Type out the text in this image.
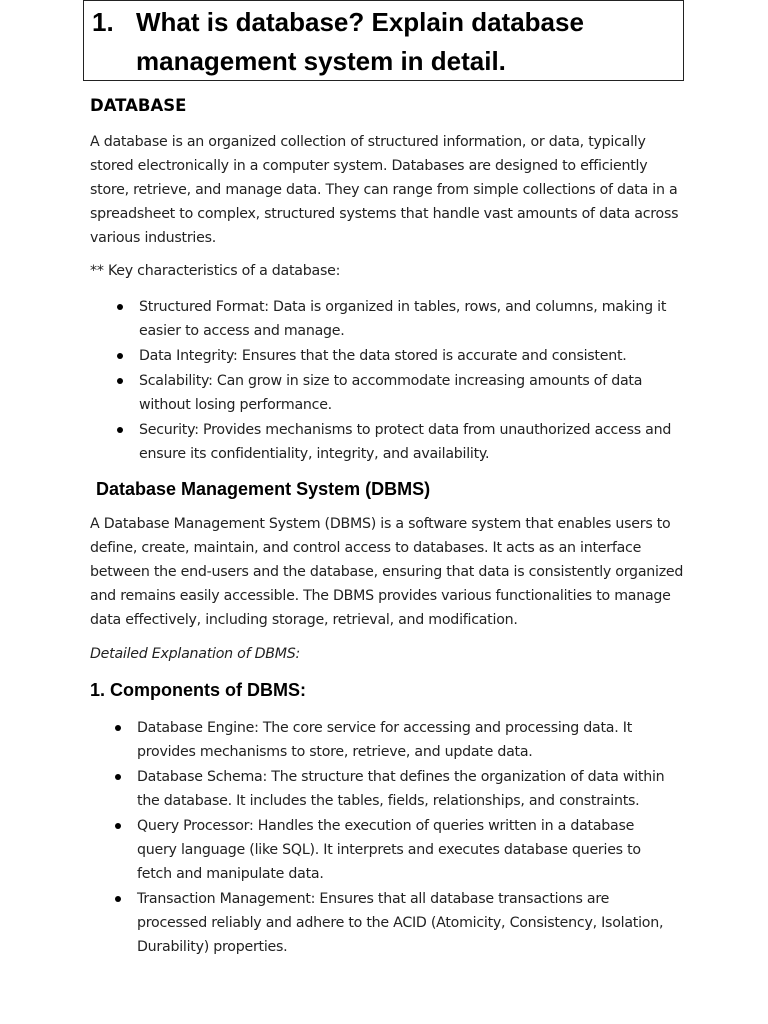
1. What is database? Explain database management system in detail.
DATABASE

A database is an organized collection of structured information, or data, typically stored electronically in a computer system. Databases are designed to efficiently store, retrieve, and manage data. They can range from simple collections of data in a spreadsheet to complex, structured systems that handle vast amounts of data across various industries.

** Key characteristics of a database:

Structured Format: Data is organized in tables, rows, and columns, making it easier to access and manage.
Data Integrity: Ensures that the data stored is accurate and consistent.
Scalability: Can grow in size to accommodate increasing amounts of data without losing performance.
Security: Provides mechanisms to protect data from unauthorized access and ensure its confidentiality, integrity, and availability.
Database Management System (DBMS)

A Database Management System (DBMS) is a software system that enables users to define, create, maintain, and control access to databases. It acts as an interface between the end-users and the database, ensuring that data is consistently organized and remains easily accessible. The DBMS provides various functionalities to manage data effectively, including storage, retrieval, and modification.

Detailed Explanation of DBMS:

1. Components of DBMS:
Database Engine: The core service for accessing and processing data. It provides mechanisms to store, retrieve, and update data.
Database Schema: The structure that defines the organization of data within the database. It includes the tables, fields, relationships, and constraints.
Query Processor: Handles the execution of queries written in a database query language (like SQL). It interprets and executes database queries to fetch and manipulate data.
Transaction Management: Ensures that all database transactions are processed reliably and adhere to the ACID (Atomicity, Consistency, Isolation, Durability) properties.
